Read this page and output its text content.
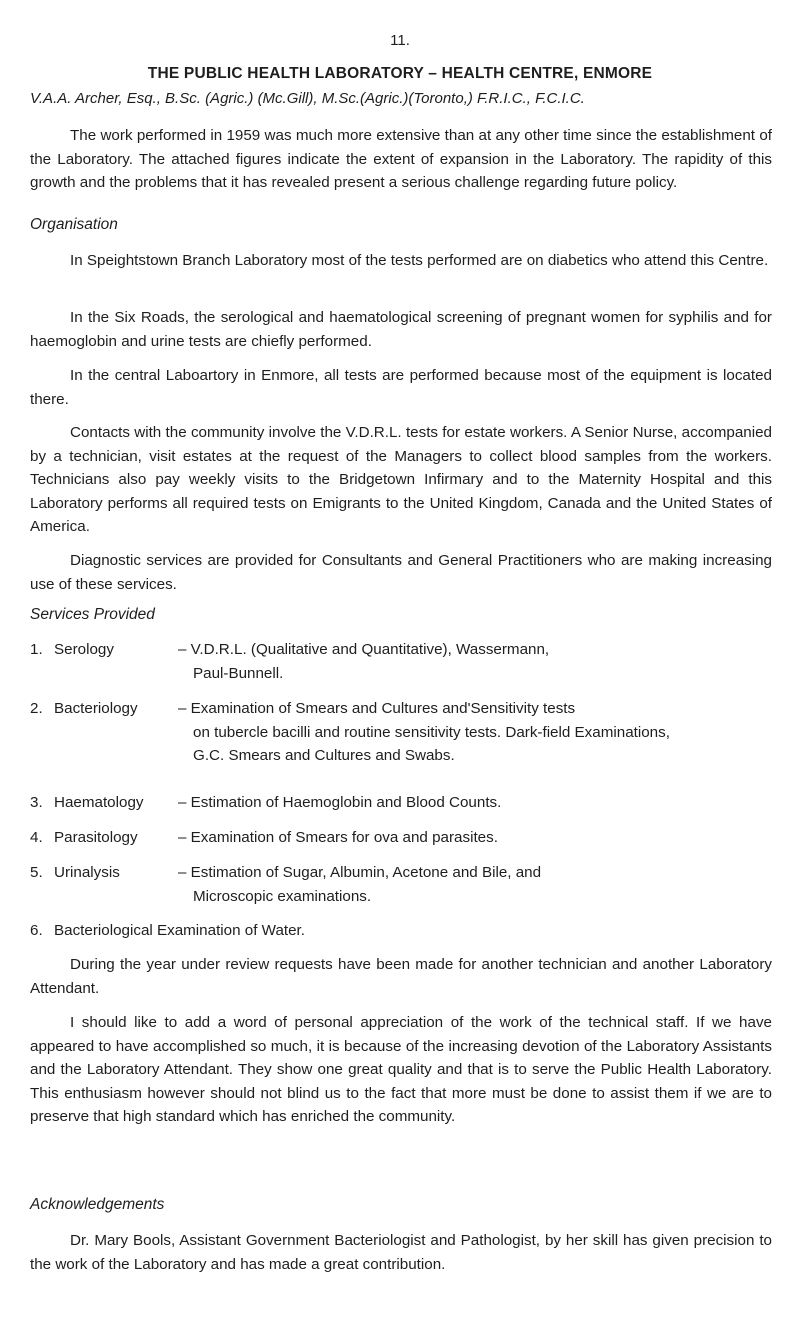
11.
THE PUBLIC HEALTH LABORATORY – HEALTH CENTRE, ENMORE
V.A.A. Archer, Esq., B.Sc. (Agric.) (Mc.Gill), M.Sc.(Agric.)(Toronto,) F.R.I.C., F.C.I.C.
The work performed in 1959 was much more extensive than at any other time since the establishment of the Laboratory. The attached figures indicate the extent of expansion in the Laboratory. The rapidity of this growth and the problems that it has revealed present a serious challenge regarding future policy.
Organisation
In Speightstown Branch Laboratory most of the tests performed are on diabetics who attend this Centre.
In the Six Roads, the serological and haematological screening of pregnant women for syphilis and for haemoglobin and urine tests are chiefly performed.
In the central Laboartory in Enmore, all tests are performed because most of the equipment is located there.
Contacts with the community involve the V.D.R.L. tests for estate workers. A Senior Nurse, accompanied by a technician, visit estates at the request of the Managers to collect blood samples from the workers. Technicians also pay weekly visits to the Bridgetown Infirmary and to the Maternity Hospital and this Laboratory performs all required tests on Emigrants to the United Kingdom, Canada and the United States of America.
Diagnostic services are provided for Consultants and General Practitioners who are making increasing use of these services.
Services Provided
1. Serology	– V.D.R.L. (Qualitative and Quantitative), Wassermann,
Paul-Bunnell.
2. Bacteriology	– Examination of Smears and Cultures and'Sensitivity tests
on tubercle bacilli and routine sensitivity tests. Dark-field Examinations, G.C. Smears and Cultures and Swabs.
3. Haematology	– Estimation of Haemoglobin and Blood Counts.
4. Parasitology	– Examination of Smears for ova and parasites.
5. Urinalysis	– Estimation of Sugar, Albumin, Acetone and Bile, and
Microscopic examinations.
6. Bacteriological Examination of Water.
During the year under review requests have been made for another technician and another Laboratory Attendant.
I should like to add a word of personal appreciation of the work of the technical staff. If we have appeared to have accomplished so much, it is because of the increasing devotion of the Laboratory Assistants and the Laboratory Attendant. They show one great quality and that is to serve the Public Health Laboratory. This enthusiasm however should not blind us to the fact that more must be done to assist them if we are to preserve that high standard which has enriched the community.
Acknowledgements
Dr. Mary Bools, Assistant Government Bacteriologist and Pathologist, by her skill has given precision to the work of the Laboratory and has made a great contribution.
